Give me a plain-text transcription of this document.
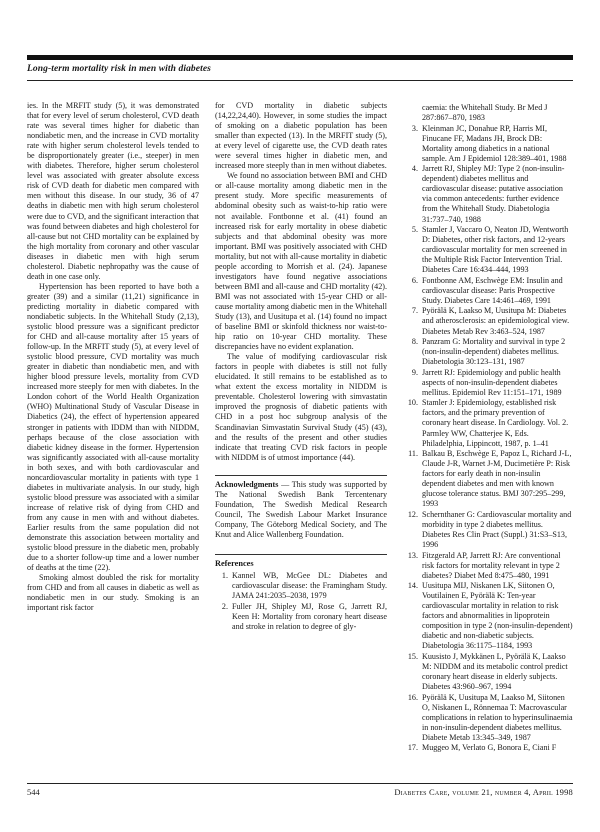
Long-term mortality risk in men with diabetes

ies. In the MRFIT study (5), it was demonstrated that for every level of serum cholesterol, CVD death rate was several times higher for diabetic than nondiabetic men, and the increase in CVD mortality rate with higher serum cholesterol levels tended to be disproportionately greater (i.e., steeper) in men with diabetes. Therefore, higher serum cholesterol level was associated with greater absolute excess risk of CVD death for diabetic men compared with men without this disease. In our study, 36 of 47 deaths in diabetic men with high serum cholesterol were due to CVD, and the significant interaction that was found between diabetes and high cholesterol for all-cause but not CHD mortality can be explained by the high mortality from coronary and other vascular diseases in diabetic men with high serum cholesterol. Diabetic nephropathy was the cause of death in one case only.

Hypertension has been reported to have both a greater (39) and a similar (11,21) significance in predicting mortality in diabetic compared with nondiabetic subjects. In the Whitehall Study (2,13), systolic blood pressure was a significant predictor for CHD and all-cause mortality after 15 years of follow-up. In the MRFIT study (5), at every level of systolic blood pressure, CVD mortality was much greater in diabetic than nondiabetic men, and with higher blood pressure levels, mortality from CVD increased more steeply for men with diabetes. In the London cohort of the World Health Organization (WHO) Multinational Study of Vascular Disease in Diabetics (24), the effect of hypertension appeared stronger in patients with IDDM than with NIDDM, perhaps because of the close association with diabetic kidney disease in the former. Hypertension was significantly associated with all-cause mortality in both sexes, and with both cardiovascular and noncardiovascular mortality in patients with type 1 diabetes in multivariate analysis. In our study, high systolic blood pressure was associated with a similar increase of relative risk of dying from CHD and from any cause in men with and without diabetes. Earlier results from the same population did not demonstrate this association between mortality and systolic blood pressure in the diabetic men, probably due to a shorter follow-up time and a lower number of deaths at the time (22).

Smoking almost doubled the risk for mortality from CHD and from all causes in diabetic as well as nondiabetic men in our study. Smoking is an important risk factor

for CVD mortality in diabetic subjects (14,22,24,40). However, in some studies the impact of smoking on a diabetic population has been smaller than expected (13). In the MRFIT study (5), at every level of cigarette use, the CVD death rates were several times higher in diabetic men, and increased more steeply than in men without diabetes.

We found no association between BMI and CHD or all-cause mortality among diabetic men in the present study. More specific measurements of abdominal obesity such as waist-to-hip ratio were not available. Fontbonne et al. (41) found an increased risk for early mortality in obese diabetic subjects and that abdominal obesity was more important. BMI was positively associated with CHD mortality, but not with all-cause mortality in diabetic people according to Morrish et al. (24). Japanese investigators have found negative associations between BMI and all-cause and CHD mortality (42). BMI was not associated with 15-year CHD or all-cause mortality among diabetic men in the Whitehall Study (13), and Uusitupa et al. (14) found no impact of baseline BMI or skinfold thickness nor waist-to-hip ratio on 10-year CHD mortality. These discrepancies have no evident explanation.

The value of modifying cardiovascular risk factors in people with diabetes is still not fully elucidated. It still remains to be established as to what extent the excess mortality in NIDDM is preventable. Cholesterol lowering with simvastatin improved the prognosis of diabetic patients with CHD in a post hoc subgroup analysis of the Scandinavian Simvastatin Survival Study (45) (43), and the results of the present and other studies indicate that treating CVD risk factors in people with NIDDM is of utmost importance (44).

Acknowledgments — This study was supported by The National Swedish Bank Tercentenary Foundation, The Swedish Medical Research Council, The Swedish Labour Market Insurance Company, The Göteborg Medical Society, and The Knut and Alice Wallenberg Foundation.
References
1. Kannel WB, McGee DL: Diabetes and cardiovascular disease: the Framingham Study. JAMA 241:2035–2038, 1979
2. Fuller JH, Shipley MJ, Rose G, Jarrett RJ, Keen H: Mortality from coronary heart disease and stroke in relation to degree of gly-
caemia: the Whitehall Study. Br Med J 287:867–870, 1983
3. Kleinman JC, Donahue RP, Harris MI, Finucane FF, Madans JH, Brock DB: Mortality among diabetics in a national sample. Am J Epidemiol 128:389–401, 1988
4. Jarrett RJ, Shipley MJ: Type 2 (non-insulin-dependent) diabetes mellitus and cardiovascular disease: putative association via common antecedents: further evidence from the Whitehall Study. Diabetologia 31:737–740, 1988
5. Stamler J, Vaccaro O, Neaton JD, Wentworth D: Diabetes, other risk factors, and 12-years cardiovascular mortality for men screened in the Multiple Risk Factor Intervention Trial. Diabetes Care 16:434–444, 1993
6. Fontbonne AM, Eschwège EM: Insulin and cardiovascular disease: Paris Prospective Study. Diabetes Care 14:461–469, 1991
7. Pyörälä K, Laakso M, Uusitupa M: Diabetes and atherosclerosis: an epidemiological view. Diabetes Metab Rev 3:463–524, 1987
8. Panzram G: Mortality and survival in type 2 (non-insulin-dependent) diabetes mellitus. Diabetologia 30:123–131, 1987
9. Jarrett RJ: Epidemiology and public health aspects of non-insulin-dependent diabetes mellitus. Epidemiol Rev 11:151–171, 1989
10. Stamler J: Epidemiology, established risk factors, and the primary prevention of coronary heart disease. In Cardiology. Vol. 2. Parmley WW, Chatterjee K, Eds. Philadelphia, Lippincott, 1987, p. 1–41
11. Balkau B, Eschwège E, Papoz L, Richard J-L, Claude J-R, Warnet J-M, Ducimetière P: Risk factors for early death in non-insulin dependent diabetes and men with known glucose tolerance status. BMJ 307:295–299, 1993
12. Schernthaner G: Cardiovascular mortality and morbidity in type 2 diabetes mellitus. Diabetes Res Clin Pract (Suppl.) 31:S3–S13, 1996
13. Fitzgerald AP, Jarrett RJ: Are conventional risk factors for mortality relevant in type 2 diabetes? Diabet Med 8:475–480, 1991
14. Uusitupa MIJ, Niskanen LK, Siitonen O, Voutilainen E, Pyörälä K: Ten-year cardiovascular mortality in relation to risk factors and abnormalities in lipoprotein composition in type 2 (non-insulin-dependent) diabetic and non-diabetic subjects. Diabetologia 36:1175–1184, 1993
15. Kuusisto J, Mykkänen L, Pyörälä K, Laakso M: NIDDM and its metabolic control predict coronary heart disease in elderly subjects. Diabetes 43:960–967, 1994
16. Pyörälä K, Uusitupa M, Laakso M, Siitonen O, Niskanen L, Rönnemaa T: Macrovascular complications in relation to hyperinsulinaemia in non-insulin-dependent diabetes mellitus. Diabete Metab 13:345–349, 1987
17. Muggeo M, Verlato G, Bonora E, Ciani F
544	Diabetes Care, volume 21, number 4, April 1998
